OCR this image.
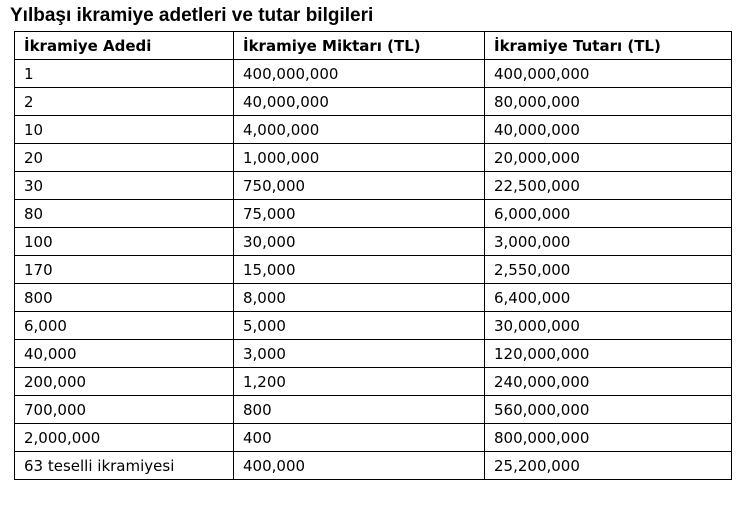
Yılbaşı ikramiye adetleri ve tutar bilgileri
İkramiye Adedi	İkramiye Miktarı (TL)	İkramiye Tutarı (TL)
1	400,000,000	400,000,000
2	40,000,000	80,000,000
10	4,000,000	40,000,000
20	1,000,000	20,000,000
30	750,000	22,500,000
80	75,000	6,000,000
100	30,000	3,000,000
170	15,000	2,550,000
800	8,000	6,400,000
6,000	5,000	30,000,000
40,000	3,000	120,000,000
200,000	1,200	240,000,000
700,000	800	560,000,000
2,000,000	400	800,000,000
63 teselli ikramiyesi	400,000	25,200,000
